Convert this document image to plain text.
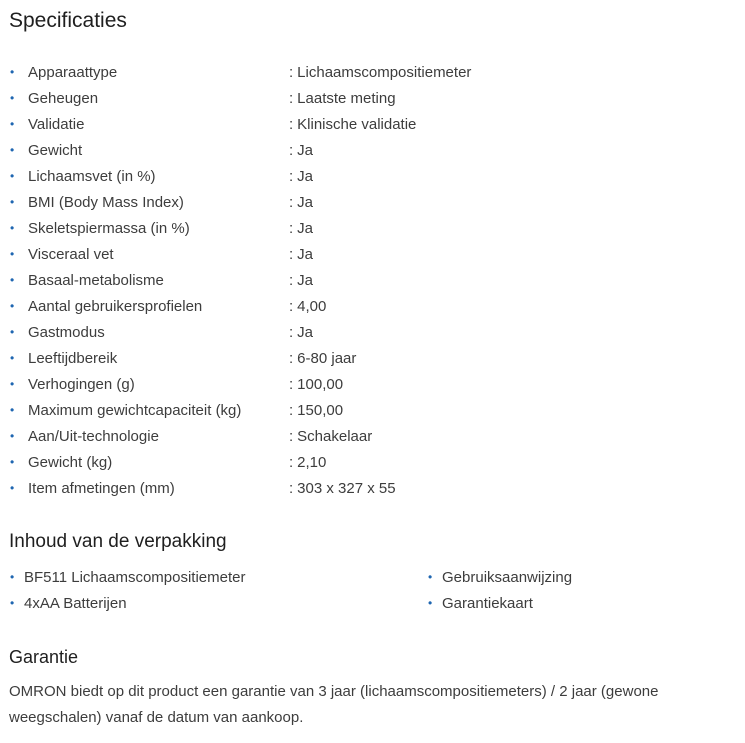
Specificaties
• Apparaattype	: Lichaamscompositiemeter
• Geheugen	: Laatste meting
• Validatie	: Klinische validatie
• Gewicht	: Ja
• Lichaamsvet (in %)	: Ja
• BMI (Body Mass Index)	: Ja
• Skeletspiermassa (in %)	: Ja
• Visceraal vet	: Ja
• Basaal-metabolisme	: Ja
• Aantal gebruikersprofielen	: 4,00
• Gastmodus	: Ja
• Leeftijdbereik	: 6-80 jaar
• Verhogingen (g)	: 100,00
• Maximum gewichtcapaciteit (kg)	: 150,00
• Aan/Uit-technologie	: Schakelaar
• Gewicht (kg)	: 2,10
• Item afmetingen (mm)	: 303 x 327 x 55
Inhoud van de verpakking
• BF511 Lichaamscompositiemeter	• Gebruiksaanwijzing
• 4xAA Batterijen	• Garantiekaart
Garantie

OMRON biedt op dit product een garantie van 3 jaar (lichaamscompositiemeters) / 2 jaar (gewone weegschalen) vanaf de datum van aankoop.
